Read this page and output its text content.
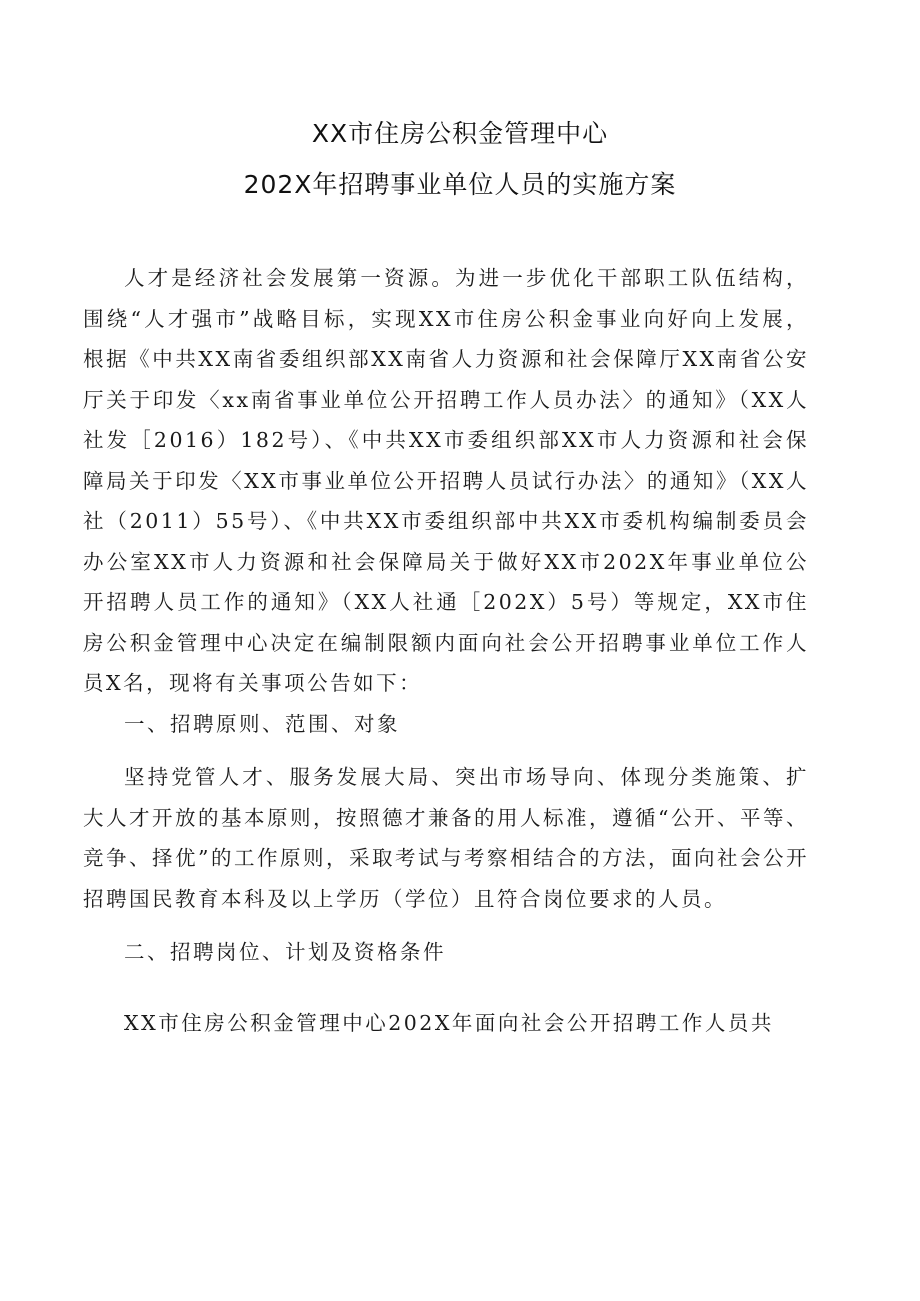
XX市住房公积金管理中心
202X年招聘事业单位人员的实施方案

人才是经济社会发展第一资源。为进一步优化干部职工队伍结构，围绕“人才强市”战略目标，实现XX市住房公积金事业向好向上发展，根据《中共XX南省委组织部XX南省人力资源和社会保障厅XX南省公安厅关于印发〈xx南省事业单位公开招聘工作人员办法〉的通知》（XX人社发［2016）182号）、《中共XX市委组织部XX市人力资源和社会保障局关于印发〈XX市事业单位公开招聘人员试行办法〉的通知》（XX人社（2011）55号）、《中共XX市委组织部中共XX市委机构编制委员会办公室XX市人力资源和社会保障局关于做好XX市202X年事业单位公开招聘人员工作的通知》（XX人社通［202X）5号）等规定，XX市住房公积金管理中心决定在编制限额内面向社会公开招聘事业单位工作人员X名，现将有关事项公告如下：

一、招聘原则、范围、对象

坚持党管人才、服务发展大局、突出市场导向、体现分类施策、扩大人才开放的基本原则，按照德才兼备的用人标准，遵循“公开、平等、竞争、择优”的工作原则，采取考试与考察相结合的方法，面向社会公开招聘国民教育本科及以上学历（学位）且符合岗位要求的人员。

二、招聘岗位、计划及资格条件

XX市住房公积金管理中心202X年面向社会公开招聘工作人员共
